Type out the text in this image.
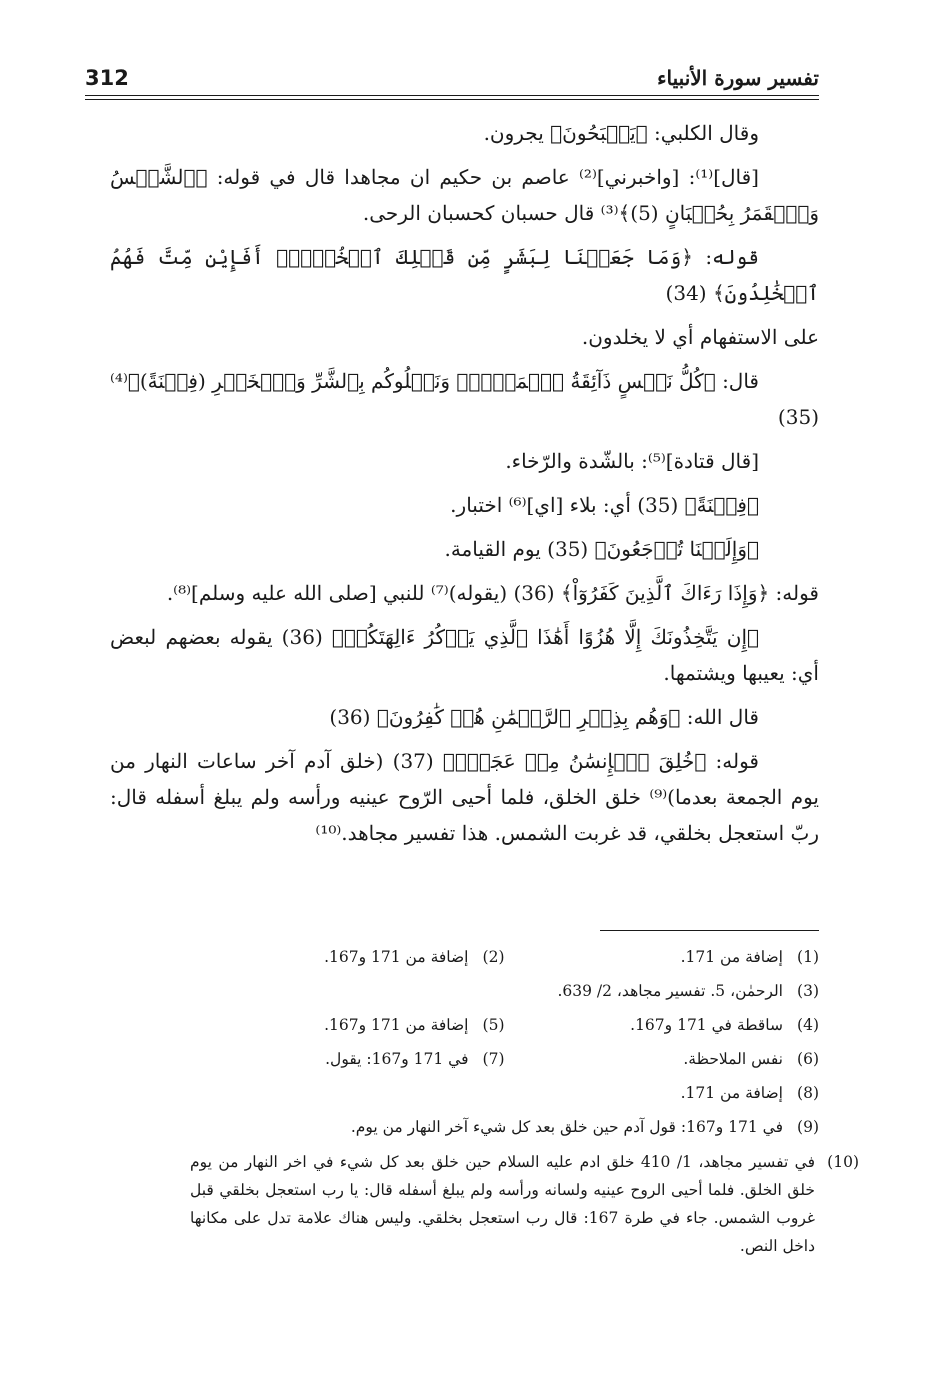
312	تفسير سورة الأنبياء

وقال الكلبي: ﴿يَسۡبَحُونَ﴾ يجرون.

[قال]⁽¹⁾: [واخبرني]⁽²⁾ عاصم بن حكيم ان مجاهدا قال في قوله: ﴿ٱلشَّمۡسُ وَٱلۡقَمَرُ بِحُسۡبَانٍ (5)﴾⁽³⁾ قال حسبان كحسبان الرحى.

قوله: ﴿وَمَا جَعَلۡنَا لِبَشَرٍ مِّن قَبۡلِكَ ٱلۡخُلۡدَۖ أَفَإِيْن مِّتَّ فَهُمُ ٱلۡخَٰلِدُونَ﴾ (34)

على الاستفهام أي لا يخلدون.

قال: ﴿كُلُّ نَفۡسٍ ذَآئِقَةُ ٱلۡمَوۡتِۗ وَنَبۡلُوكُم بِٱلشَّرِّ وَٱلۡخَيۡرِ (فِتۡنَةً)﴾⁽⁴⁾ (35)

[قال قتادة]⁽⁵⁾: بالشّدة والرّخاء.

﴿فِتۡنَةً﴾ (35) أي: بلاء [اي]⁽⁶⁾ اختبار.

﴿وَإِلَيۡنَا تُرۡجَعُونَ﴾ (35) يوم القيامة.

قوله: ﴿وَإِذَا رَءَاكَ ٱلَّذِينَ كَفَرُوٓاْ﴾ (36) (يقوله)⁽⁷⁾ للنبي [صلى الله عليه وسلم]⁽⁸⁾.

﴿إِن يَتَّخِذُونَكَ إِلَّا هُزُوًا أَهَٰذَا ٱلَّذِي يَذۡكُرُ ءَالِهَتَكُمۡ﴾ (36) يقوله بعضهم لبعض أي: يعيبها ويشتمها.

قال الله: ﴿وَهُم بِذِكۡرِ ٱلرَّحۡمَٰنِ هُمۡ كَٰفِرُونَ﴾ (36)

قوله: ﴿خُلِقَ ٱلۡإِنسَٰنُ مِنۡ عَجَلٖۚ﴾ (37) (خلق آدم آخر ساعات النهار من يوم الجمعة بعدما)⁽⁹⁾ خلق الخلق، فلما أحيى الرّوح عينيه ورأسه ولم يبلغ أسفله قال: ربّ استعجل بخلقي، قد غربت الشمس. هذا تفسير مجاهد.⁽¹⁰⁾

(1)
إضافة من 171.
(2)
إضافة من 171 و167.
(3)
الرحمٰن، 5. تفسير مجاهد، 2/ 639.
(4)
ساقطة في 171 و167.
(5)
إضافة من 171 و167.
(6)
نفس الملاحظة.
(7)
في 171 و167: يقول.
(8)
إضافة من 171.
(9)
في 171 و167: قول آدم حين خلق بعد كل شيء آخر النهار من يوم.
(10)
في تفسير مجاهد، 1/ 410 خلق ادم عليه السلام حين خلق بعد كل شيء في اخر النهار من يوم خلق الخلق. فلما أحيى الروح عينيه ولسانه ورأسه ولم يبلغ أسفله قال: يا رب استعجل بخلقي قبل غروب الشمس. جاء في طرة 167: قال رب استعجل بخلقي. وليس هناك علامة تدل على مكانها داخل النص.
